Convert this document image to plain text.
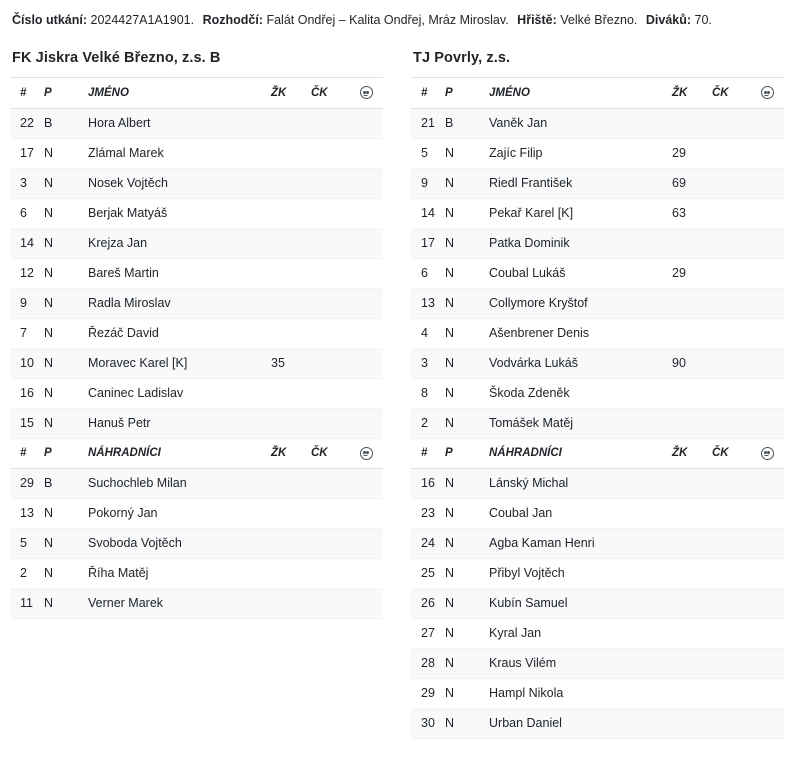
Číslo utkání: 2024427A1A1901. Rozhodčí: Falát Ondřej – Kalita Ondřej, Mráz Miroslav. Hřiště: Velké Březno. Diváků: 70.
FK Jiskra Velké Březno, z.s. B
#	P	JMÉNO	ŽK	ČK	

22	B	Hora Albert			
17	N	Zlámal Marek			
3	N	Nosek Vojtěch			
6	N	Berjak Matyáš			
14	N	Krejza Jan			
12	N	Bareš Martin			
9	N	Radla Miroslav			
7	N	Řezáč David			
10	N	Moravec Karel [K]	35		
16	N	Caninec Ladislav			
15	N	Hanuš Petr			
#	P	NÁHRADNÍCI	ŽK	ČK	

29	B	Suchochleb Milan			
13	N	Pokorný Jan			
5	N	Svoboda Vojtěch			
2	N	Říha Matěj			
11	N	Verner Marek			
TJ Povrly, z.s.
#	P	JMÉNO	ŽK	ČK	

21	B	Vaněk Jan			
5	N	Zajíc Filip	29		
9	N	Riedl František	69		
14	N	Pekař Karel [K]	63		
17	N	Patka Dominik			
6	N	Coubal Lukáš	29		
13	N	Collymore Kryštof			
4	N	Ašenbrener Denis			
3	N	Vodvárka Lukáš	90		
8	N	Škoda Zdeněk			
2	N	Tomášek Matěj			
#	P	NÁHRADNÍCI	ŽK	ČK	

16	N	Lánský Michal			
23	N	Coubal Jan			
24	N	Agba Kaman Henri			
25	N	Přibyl Vojtěch			
26	N	Kubín Samuel			
27	N	Kyral Jan			
28	N	Kraus Vilém			
29	N	Hampl Nikola			
30	N	Urban Daniel			
